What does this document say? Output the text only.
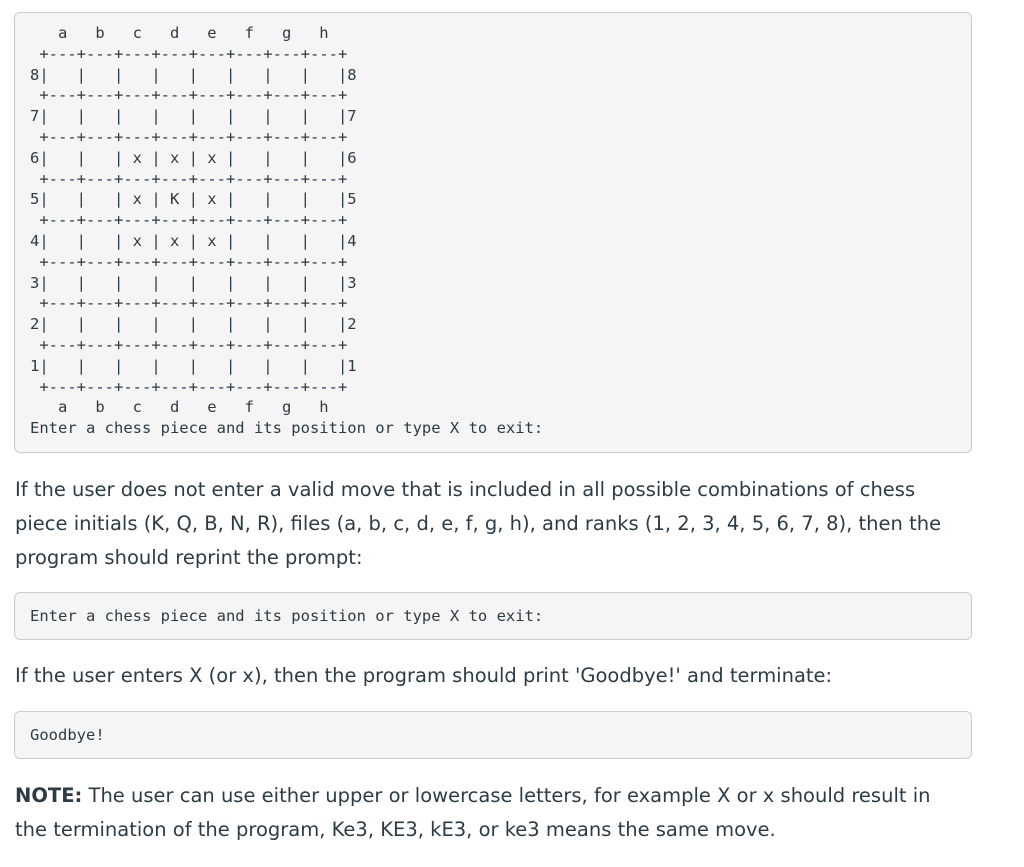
a   b   c   d   e   f   g   h
+---+---+---+---+---+---+---+---+
8|   |   |   |   |   |   |   |   |8
+---+---+---+---+---+---+---+---+
7|   |   |   |   |   |   |   |   |7
+---+---+---+---+---+---+---+---+
6|   |   | x | x | x |   |   |   |6
+---+---+---+---+---+---+---+---+
5|   |   | x | K | x |   |   |   |5
+---+---+---+---+---+---+---+---+
4|   |   | x | x | x |   |   |   |4
+---+---+---+---+---+---+---+---+
3|   |   |   |   |   |   |   |   |3
+---+---+---+---+---+---+---+---+
2|   |   |   |   |   |   |   |   |2
+---+---+---+---+---+---+---+---+
1|   |   |   |   |   |   |   |   |1
+---+---+---+---+---+---+---+---+
a   b   c   d   e   f   g   h
Enter a chess piece and its position or type X to exit:

If the user does not enter a valid move that is included in all possible combinations of chess piece initials (K, Q, B, N, R), files (a, b, c, d, e, f, g, h), and ranks (1, 2, 3, 4, 5, 6, 7, 8), then the program should reprint the prompt:

Enter a chess piece and its position or type X to exit:

If the user enters X (or x), then the program should print 'Goodbye!' and terminate:

Goodbye!

NOTE: The user can use either upper or lowercase letters, for example X or x should result in the termination of the program, Ke3, KE3, kE3, or ke3 means the same move.
